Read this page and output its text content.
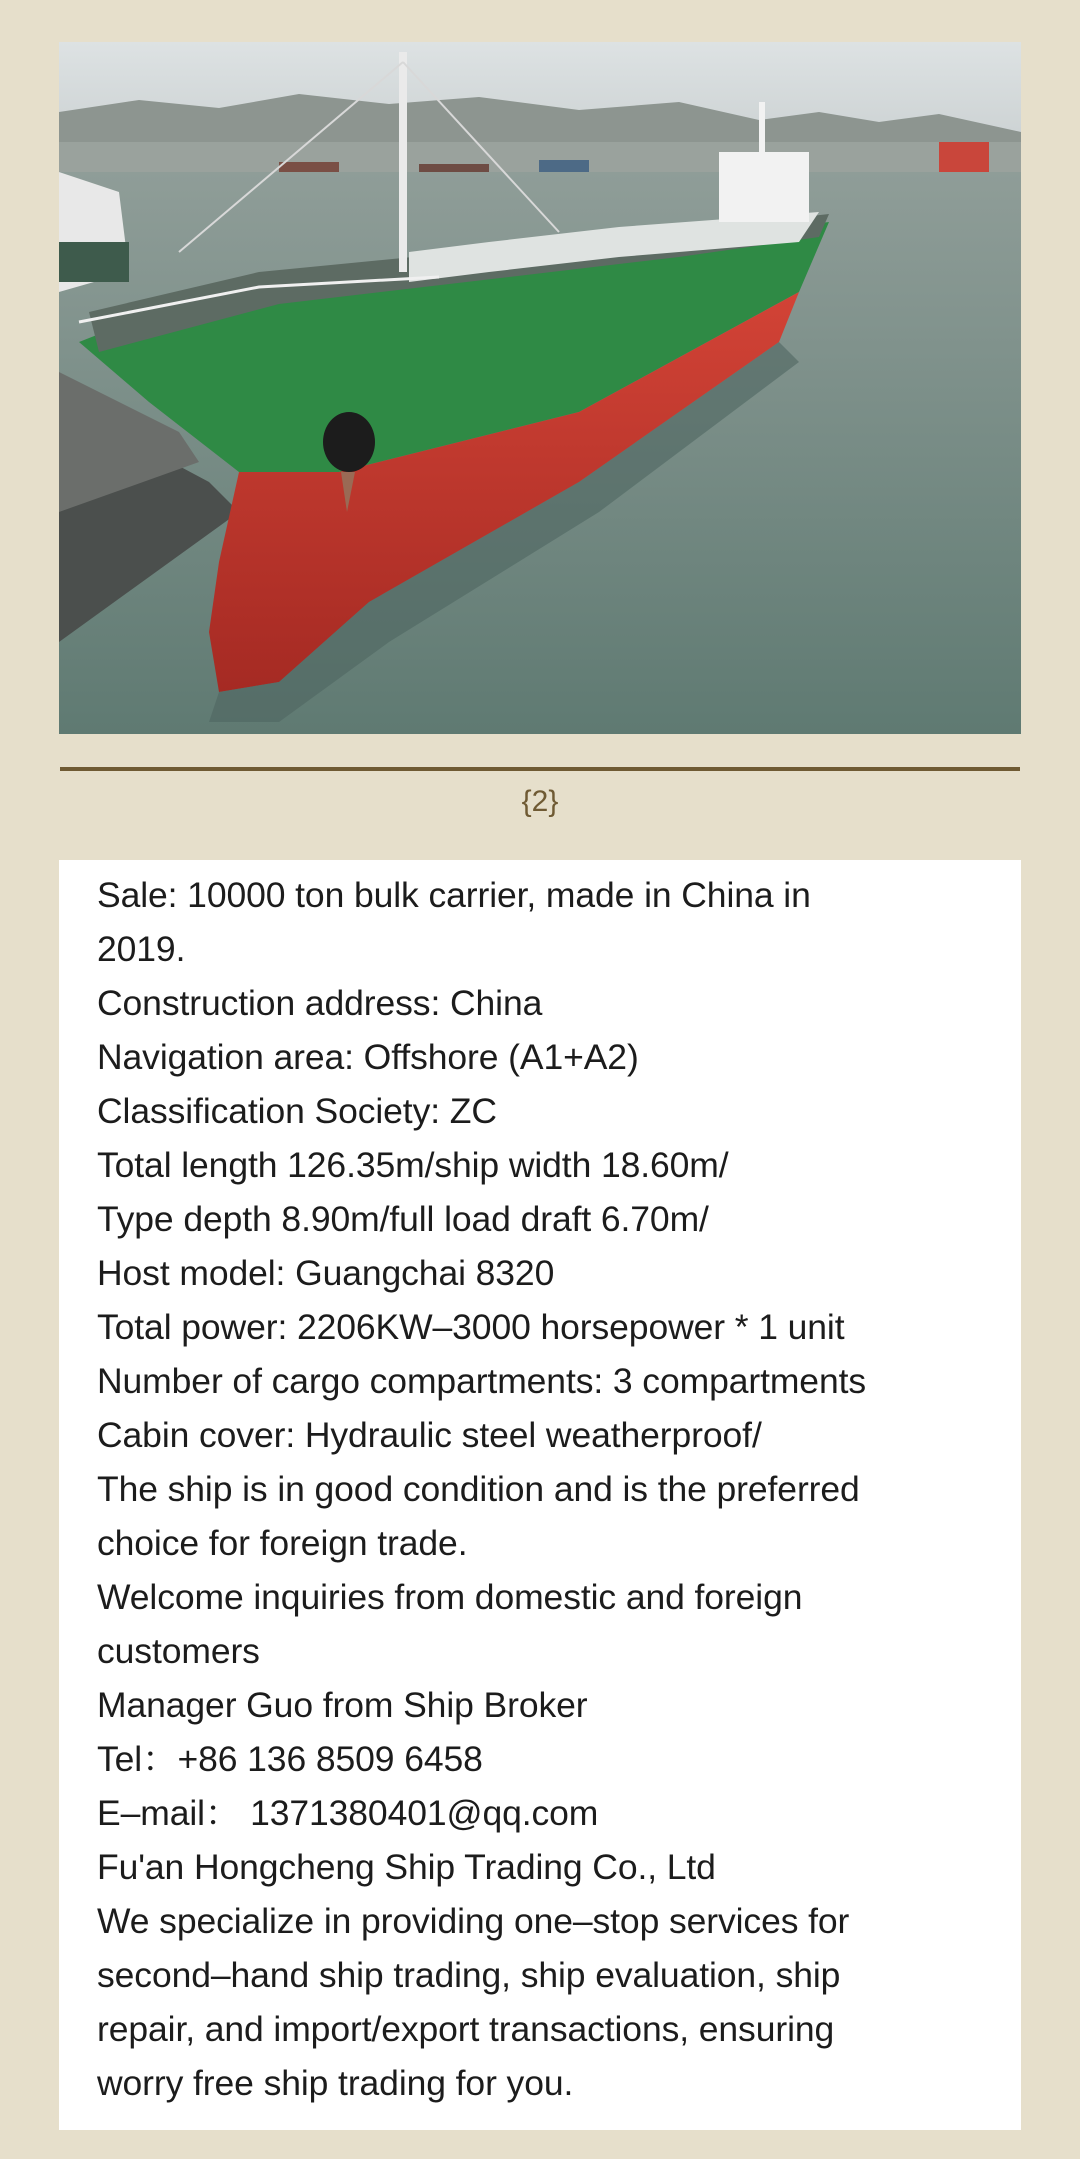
{2}
Sale: 10000 ton bulk carrier, made in China in
2019.
Construction address: China
Navigation area: Offshore (A1+A2)
Classification Society: ZC
Total length 126.35m/ship width 18.60m/
Type depth 8.90m/full load draft 6.70m/
Host model: Guangchai 8320
Total power: 2206KW–3000 horsepower * 1 unit
Number of cargo compartments: 3 compartments
Cabin cover: Hydraulic steel weatherproof/
The ship is in good condition and is the preferred
choice for foreign trade.
Welcome inquiries from domestic and foreign
customers
Manager Guo from Ship Broker
Tel：+86 136 8509 6458
E–mail： 1371380401@qq.com
Fu'an Hongcheng Ship Trading Co., Ltd
We specialize in providing one–stop services for
second–hand ship trading, ship evaluation, ship
repair, and import/export transactions, ensuring
worry free ship trading for you.
